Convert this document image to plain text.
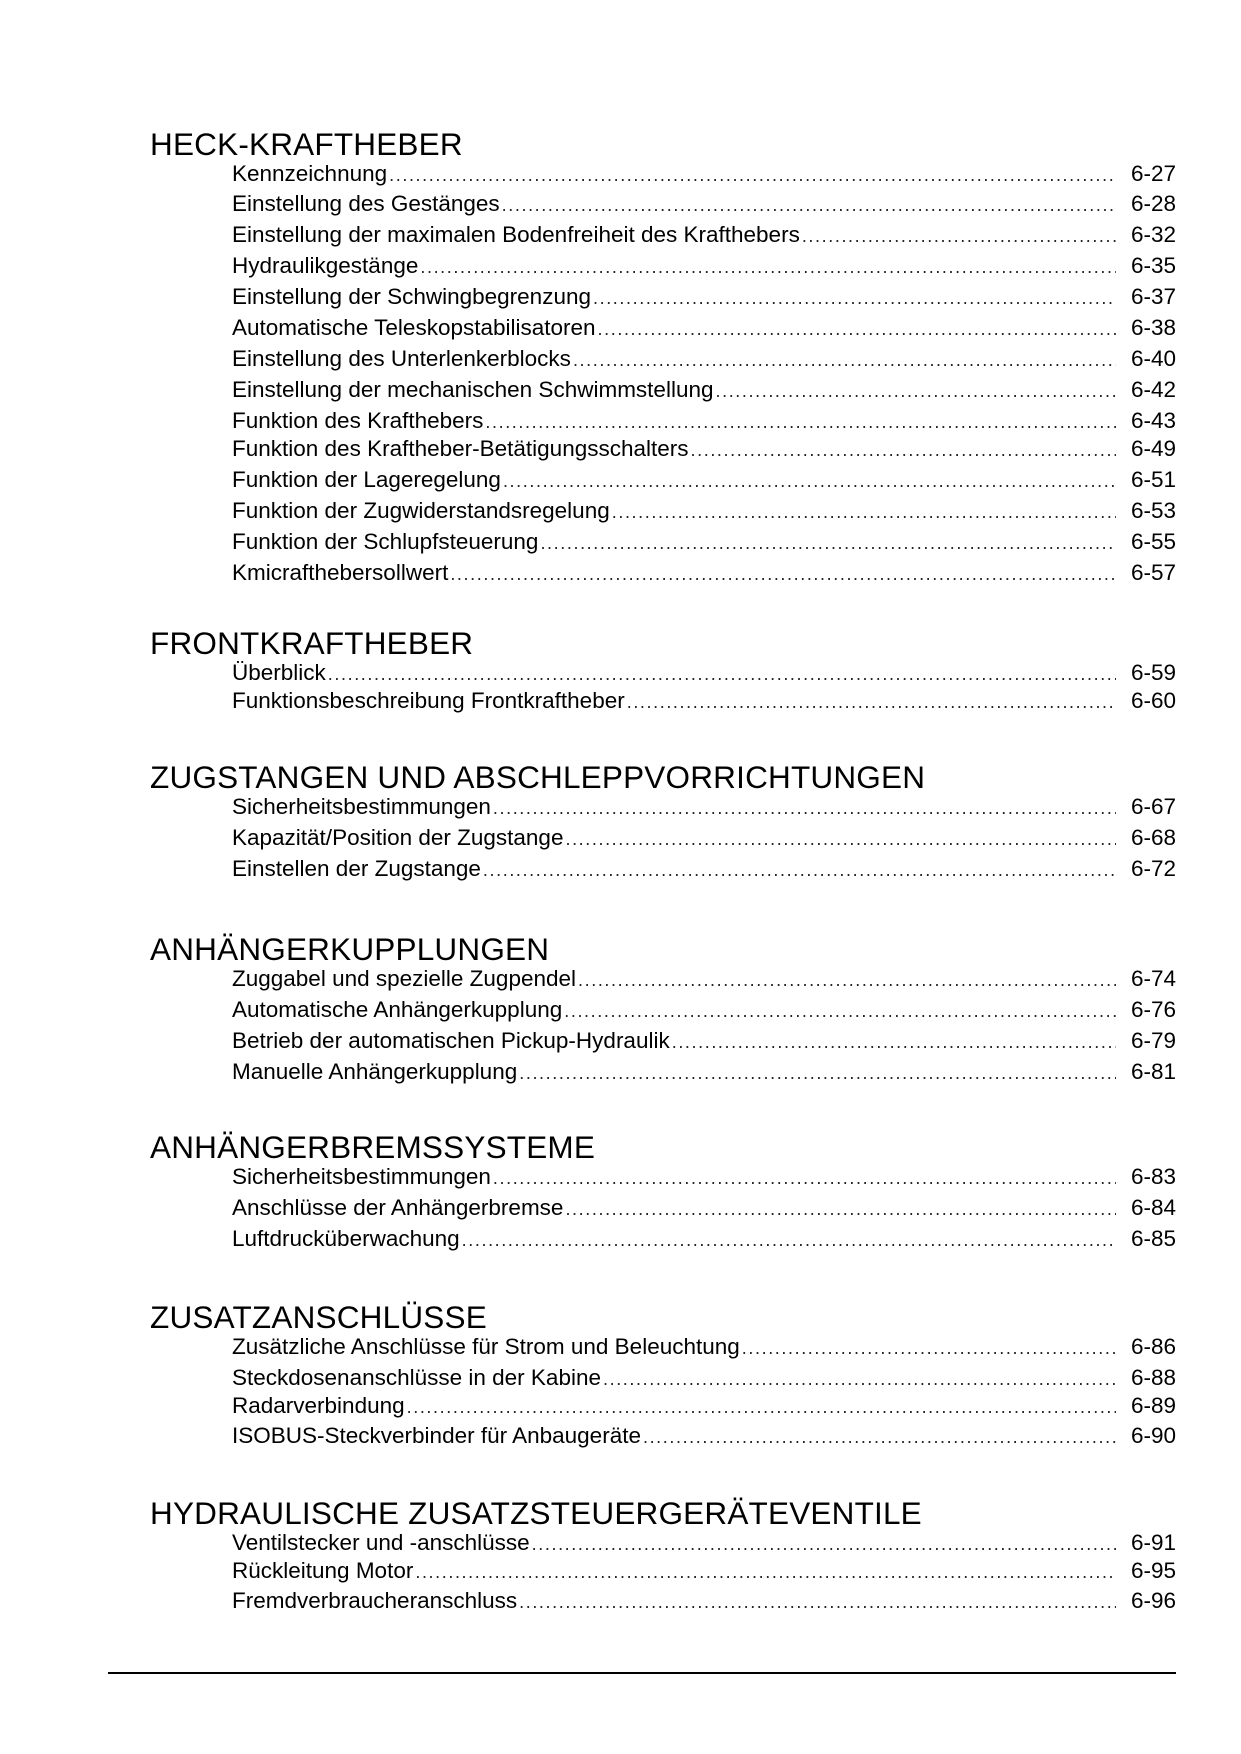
HECK-KRAFTHEBER
Kennzeichnung . . .	6-27
Einstellung des Gestänges . . .	6-28
Einstellung der maximalen Bodenfreiheit des Krafthebers . . .	6-32
Hydraulikgestänge . . .	6-35
Einstellung der Schwingbegrenzung . . .	6-37
Automatische Teleskopstabilisatoren . . .	6-38
Einstellung des Unterlenkerblocks . . .	6-40
Einstellung der mechanischen Schwimmstellung . . .	6-42
Funktion des Krafthebers . . .	6-43
Funktion des Kraftheber-Betätigungsschalters . . .	6-49
Funktion der Lageregelung . . .	6-51
Funktion der Zugwiderstandsregelung . . .	6-53
Funktion der Schlupfsteuerung . . .	6-55
Kmicrafthebersollwert . . .	6-57
FRONTKRAFTHEBER
Überblick . . .	6-59
Funktionsbeschreibung Frontkraftheber . . .	6-60
ZUGSTANGEN UND ABSCHLEPPVORRICHTUNGEN
Sicherheitsbestimmungen . . .	6-67
Kapazität/Position der Zugstange . . .	6-68
Einstellen der Zugstange . . .	6-72
ANHÄNGERKUPPLUNGEN
Zuggabel und spezielle Zugpendel . . .	6-74
Automatische Anhängerkupplung . . .	6-76
Betrieb der automatischen Pickup-Hydraulik . . .	6-79
Manuelle Anhängerkupplung . . .	6-81
ANHÄNGERBREMSSYSTEME
Sicherheitsbestimmungen . . .	6-83
Anschlüsse der Anhängerbremse . . .	6-84
Luftdrucküberwachung . . .	6-85
ZUSATZANSCHLÜSSE
Zusätzliche Anschlüsse für Strom und Beleuchtung . . .	6-86
Steckdosenanschlüsse in der Kabine . . .	6-88
Radarverbindung . . .	6-89
ISOBUS-Steckverbinder für Anbaugeräte . . .	6-90
HYDRAULISCHE ZUSATZSTEUERGERÄTEVENTILE
Ventilstecker und -anschlüsse . . .	6-91
Rückleitung Motor . . .	6-95
Fremdverbraucheranschluss . . .	6-96
